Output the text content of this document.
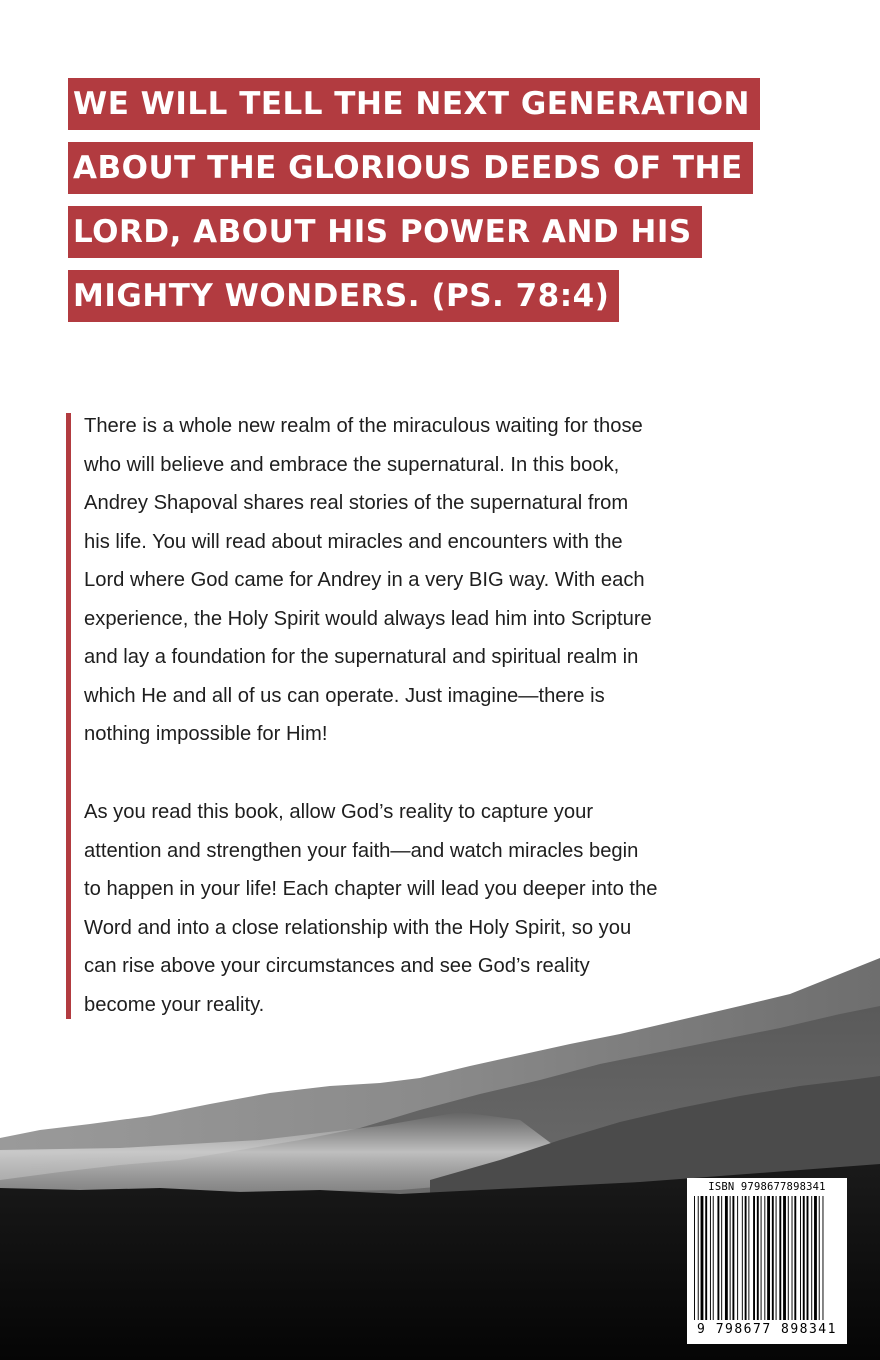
WE WILL TELL THE NEXT GENERATION
ABOUT THE GLORIOUS DEEDS OF THE
LORD, ABOUT HIS POWER AND HIS
MIGHTY WONDERS. (PS. 78:4)

There is a whole new realm of the miraculous waiting for those
who will believe and embrace the supernatural. In this book,
Andrey Shapoval shares real stories of the supernatural from
his life. You will read about miracles and encounters with the
Lord where God came for Andrey in a very BIG way. With each
experience, the Holy Spirit would always lead him into Scripture
and lay a foundation for the supernatural and spiritual realm in
which He and all of us can operate. Just imagine—there is
nothing impossible for Him!

As you read this book, allow God’s reality to capture your
attention and strengthen your faith—and watch miracles begin
to happen in your life! Each chapter will lead you deeper into the
Word and into a close relationship with the Holy Spirit, so you
can rise above your circumstances and see God’s reality
become your reality.

ISBN 9798677898341
9 798677 898341
